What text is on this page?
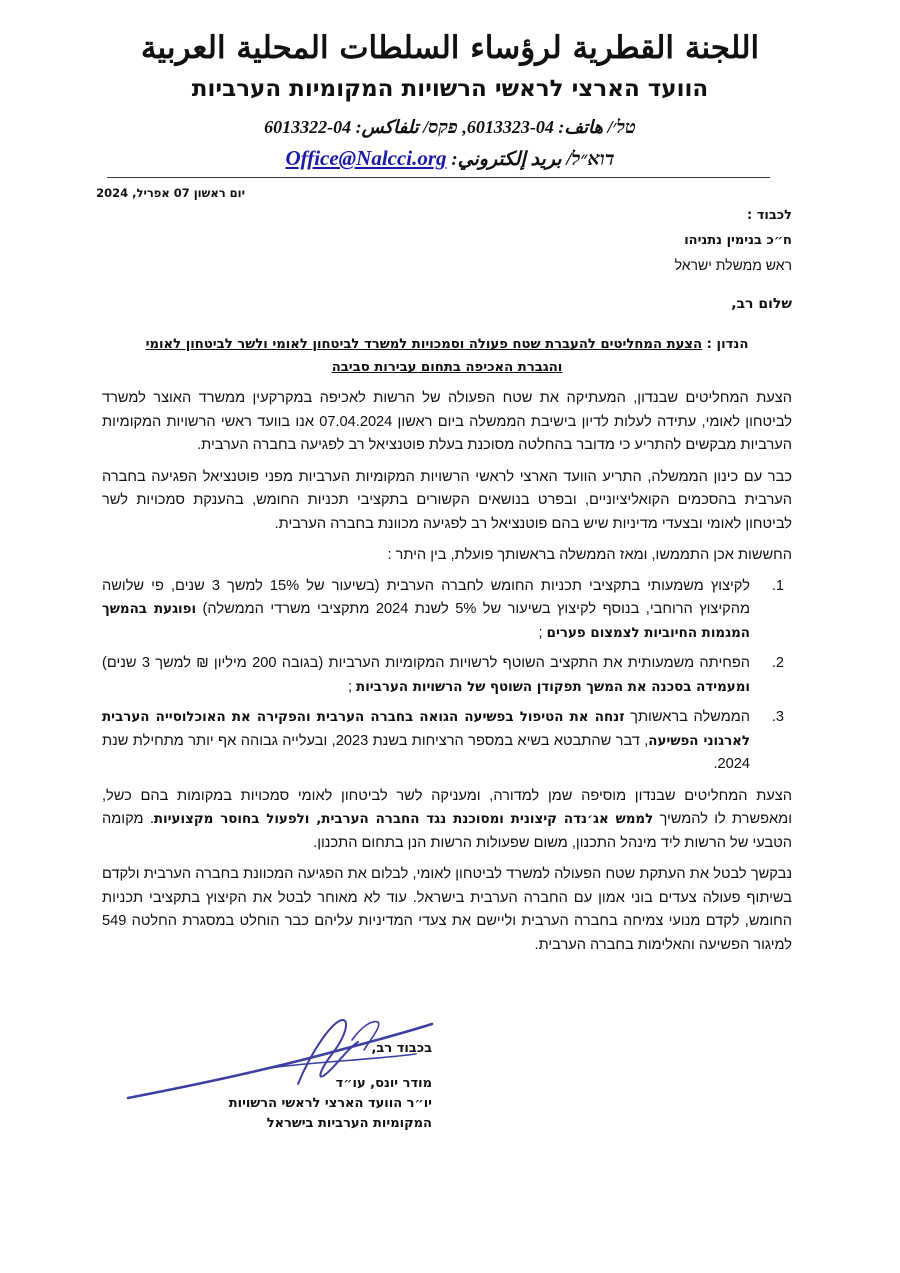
اللجنة القطرية لرؤساء السلطات المحلية العربية
הוועד הארצי לראשי הרשויות המקומיות הערביות
טל׳/ هاتف: 04-6013323, פקס/ تلفاكس: 04-6013322
דוא״ל/ بريد إلكتروني: Office@Nalcci.org
יום ראשון 07 אפריל, 2024
לכבוד :
ח״כ בנימין נתניהו
ראש ממשלת ישראל
שלום רב,
הנדון : הצעת המחליטים להעברת שטח פעולה וסמכויות למשרד לביטחון לאומי ולשר לביטחון לאומי
והגברת האכיפה בתחום עבירות סביבה

הצעת המחליטים שבנדון, המעתיקה את שטח הפעולה של הרשות לאכיפה במקרקעין ממשרד האוצר למשרד לביטחון לאומי, עתידה לעלות לדיון בישיבת הממשלה ביום ראשון 07.04.2024 אנו בוועד ראשי הרשויות המקומיות הערביות מבקשים להתריע כי מדובר בהחלטה מסוכנת בעלת פוטנציאל רב לפגיעה בחברה הערבית.

כבר עם כינון הממשלה, התריע הוועד הארצי לראשי הרשויות המקומיות הערביות מפני פוטנציאל הפגיעה בחברה הערבית בהסכמים הקואליציוניים, ובפרט בנושאים הקשורים בתקציבי תכניות החומש, בהענקת סמכויות לשר לביטחון לאומי ובצעדי מדיניות שיש בהם פוטנציאל רב לפגיעה מכוונת בחברה הערבית.

החששות אכן התממשו, ומאז הממשלה בראשותך פועלת, בין היתר :

1.
לקיצוץ משמעותי בתקציבי תכניות החומש לחברה הערבית (בשיעור של 15% למשך 3 שנים, פי שלושה מהקיצוץ הרוחבי, בנוסף לקיצוץ בשיעור של 5% לשנת 2024 מתקציבי משרדי הממשלה) ופוגעת בהמשך המגמות החיוביות לצמצום פערים ;
2.
הפחיתה משמעותית את התקציב השוטף לרשויות המקומיות הערביות (בגובה 200 מיליון ₪ למשך 3 שנים) ומעמידה בסכנה את המשך תפקודן השוטף של הרשויות הערביות ;
3.
הממשלה בראשותך זנחה את הטיפול בפשיעה הגואה בחברה הערבית והפקירה את האוכלוסייה הערבית לארגוני הפשיעה, דבר שהתבטא בשיא במספר הרציחות בשנת 2023, ובעלייה גבוהה אף יותר מתחילת שנת 2024.

הצעת המחליטים שבנדון מוסיפה שמן למדורה, ומעניקה לשר לביטחון לאומי סמכויות במקומות בהם כשל, ומאפשרת לו להמשיך לממש אג׳נדה קיצונית ומסוכנת נגד החברה הערבית, ולפעול בחוסר מקצועיות. מקומה הטבעי של הרשות ליד מינהל התכנון, משום שפעולות הרשות הנן בתחום התכנון.

נבקשך לבטל את העתקת שטח הפעולה למשרד לביטחון לאומי, לבלום את הפגיעה המכוונת בחברה הערבית ולקדם בשיתוף פעולה צעדים בוני אמון עם החברה הערבית בישראל. עוד לא מאוחר לבטל את הקיצוץ בתקציבי תכניות החומש, לקדם מנועי צמיחה בחברה הערבית וליישם את צעדי המדיניות עליהם כבר הוחלט במסגרת החלטה 549 למיגור הפשיעה והאלימות בחברה הערבית.

בכבוד רב,
מודר יונס, עו״ד
יו״ר הוועד הארצי לראשי הרשויות
המקומיות הערביות בישראל
